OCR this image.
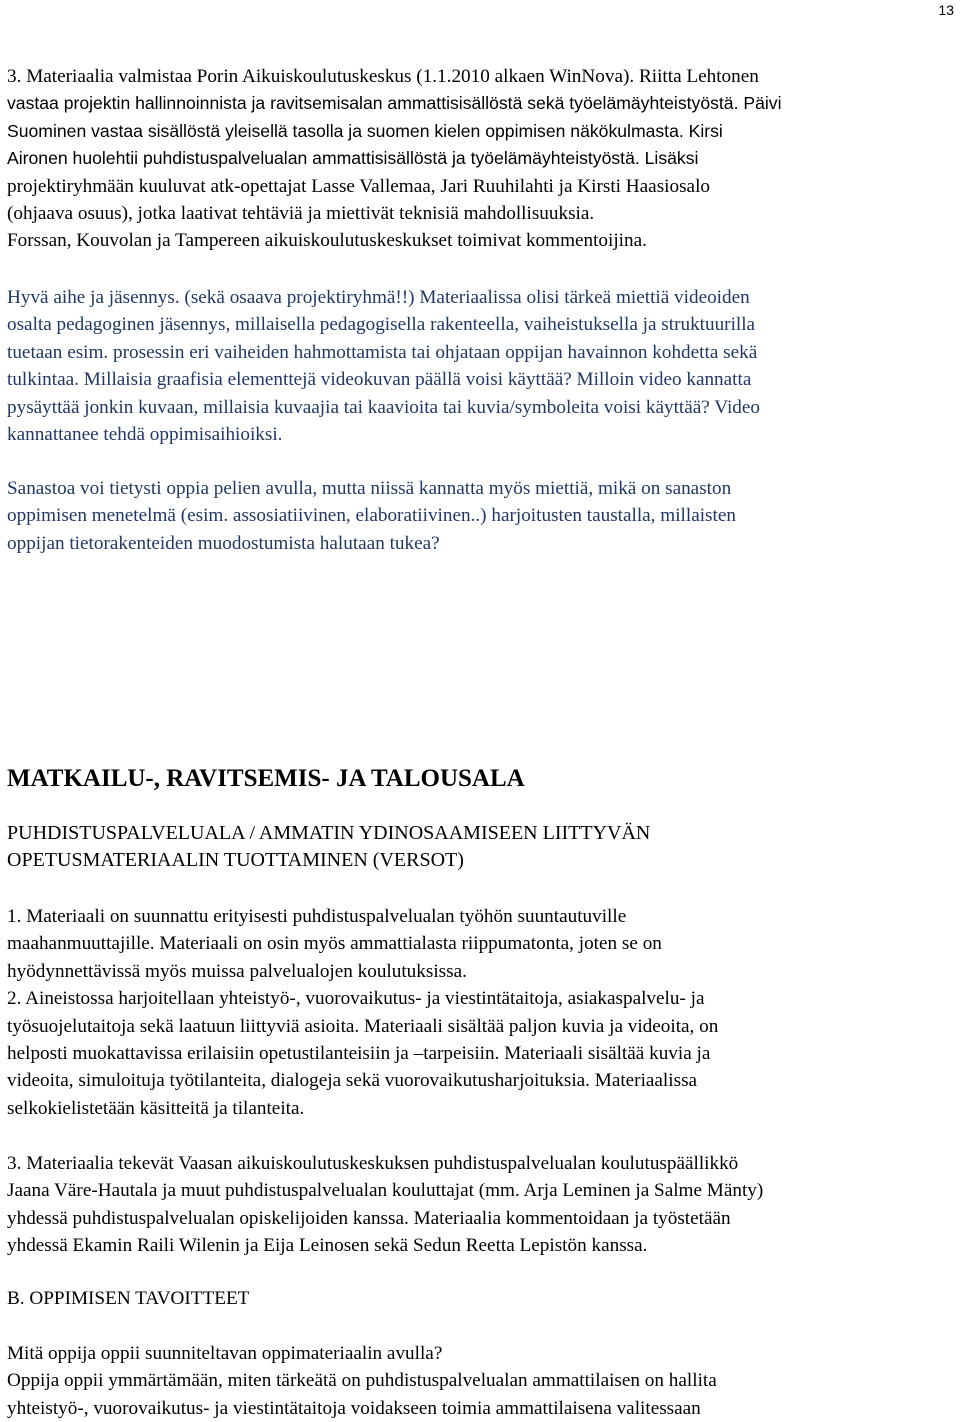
13
3. Materiaalia valmistaa Porin Aikuiskoulutuskeskus (1.1.2010 alkaen WinNova). Riitta Lehtonen
vastaa projektin hallinnoinnista ja ravitsemisalan ammattisisällöstä sekä työelämäyhteistyöstä. Päivi
Suominen vastaa sisällöstä yleisellä tasolla ja suomen kielen oppimisen näkökulmasta. Kirsi
Aironen huolehtii puhdistuspalvelualan ammattisisällöstä ja työelämäyhteistyöstä. Lisäksi
projektiryhmään kuuluvat atk-opettajat Lasse Vallemaa, Jari Ruuhilahti ja Kirsti Haasiosalo
(ohjaava osuus), jotka laativat tehtäviä ja miettivät teknisiä mahdollisuuksia.
Forssan, Kouvolan ja Tampereen aikuiskoulutuskeskukset toimivat kommentoijina.
Hyvä aihe ja jäsennys. (sekä osaava projektiryhmä!!) Materiaalissa olisi tärkeä miettiä videoiden
osalta pedagoginen jäsennys, millaisella pedagogisella rakenteella, vaiheistuksella ja struktuurilla
tuetaan esim. prosessin eri vaiheiden hahmottamista tai ohjataan oppijan havainnon kohdetta sekä
tulkintaa. Millaisia graafisia elementtejä videokuvan päällä voisi käyttää? Milloin video kannatta
pysäyttää jonkin kuvaan, millaisia kuvaajia tai kaavioita tai kuvia/symboleita voisi käyttää? Video
kannattanee tehdä oppimisaihioiksi.
Sanastoa voi tietysti oppia pelien avulla, mutta niissä kannatta myös miettiä, mikä on sanaston
oppimisen menetelmä (esim. assosiatiivinen, elaboratiivinen..) harjoitusten taustalla, millaisten
oppijan tietorakenteiden muodostumista halutaan tukea?
MATKAILU-, RAVITSEMIS- JA TALOUSALA
PUHDISTUSPALVELUALA / AMMATIN YDINOSAAMISEEN LIITTYVÄN
OPETUSMATERIAALIN TUOTTAMINEN (VERSOT)
1. Materiaali on suunnattu erityisesti puhdistuspalvelualan työhön suuntautuville
maahanmuuttajille. Materiaali on osin myös ammattialasta riippumatonta, joten se on
hyödynnettävissä myös muissa palvelualojen koulutuksissa.
2. Aineistossa harjoitellaan yhteistyö-, vuorovaikutus- ja viestintätaitoja, asiakaspalvelu- ja
työsuojelutaitoja sekä laatuun liittyviä asioita. Materiaali sisältää paljon kuvia ja videoita, on
helposti muokattavissa erilaisiin opetustilanteisiin ja –tarpeisiin. Materiaali sisältää kuvia ja
videoita, simuloituja työtilanteita, dialogeja sekä vuorovaikutusharjoituksia. Materiaalissa
selkokielistetään käsitteitä ja tilanteita.
3. Materiaalia tekevät Vaasan aikuiskoulutuskeskuksen puhdistuspalvelualan koulutuspäällikkö
Jaana Väre-Hautala ja muut puhdistuspalvelualan kouluttajat (mm. Arja Leminen ja Salme Mänty)
yhdessä puhdistuspalvelualan opiskelijoiden kanssa. Materiaalia kommentoidaan ja työstetään
yhdessä Ekamin Raili Wilenin ja Eija Leinosen sekä Sedun Reetta Lepistön kanssa.
B. OPPIMISEN TAVOITTEET
Mitä oppija oppii suunniteltavan oppimateriaalin avulla?
Oppija oppii ymmärtämään, miten tärkeätä on puhdistuspalvelualan ammattilaisen on hallita
yhteistyö-, vuorovaikutus- ja viestintätaitoja voidakseen toimia ammattilaisena valitessaan
